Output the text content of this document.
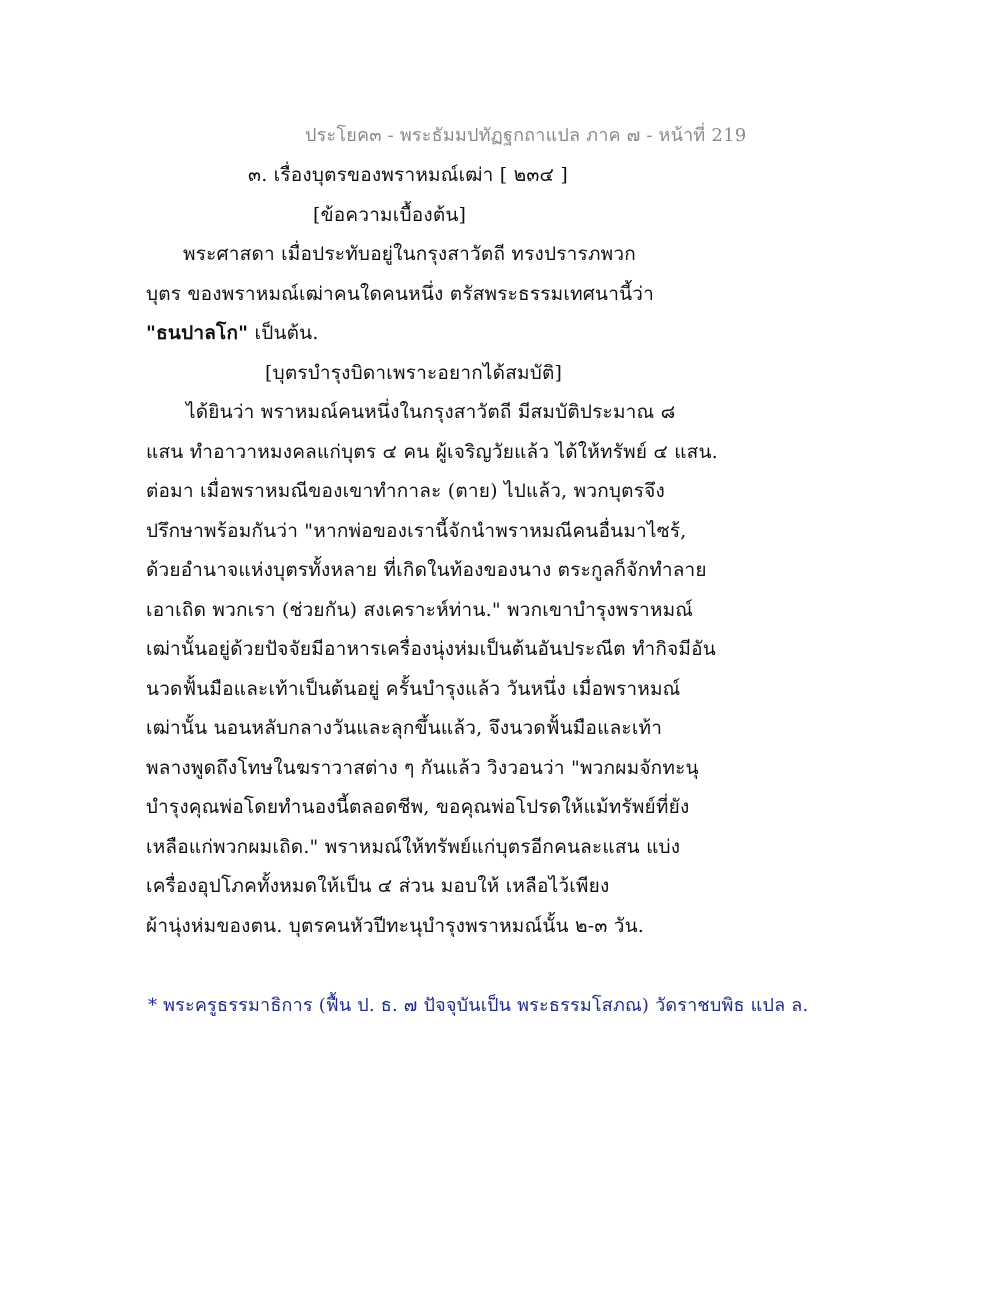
ประโยค๓ - พระธัมมปทัฏฐกถาแปล ภาค ๗ - หน้าที่ 219
๓. เรื่องบุตรของพราหมณ์เฒ่า [ ๒๓๔ ]
[ข้อความเบื้องต้น]
พระศาสดา เมื่อประทับอยู่ในกรุงสาวัตถี ทรงปรารภพวก
บุตร ของพราหมณ์เฒ่าคนใดคนหนึ่ง ตรัสพระธรรมเทศนานี้ว่า
"ธนปาลโก" เป็นต้น.
[บุตรบำรุงบิดาเพราะอยากได้สมบัติ]
ได้ยินว่า พราหมณ์คนหนึ่งในกรุงสาวัตถี มีสมบัติประมาณ ๘
แสน ทำอาวาหมงคลแก่บุตร ๔ คน ผู้เจริญวัยแล้ว ได้ให้ทรัพย์ ๔ แสน.
ต่อมา เมื่อพราหมณีของเขาทำกาละ (ตาย) ไปแล้ว, พวกบุตรจึง
ปรึกษาพร้อมกันว่า "หากพ่อของเรานี้จักนำพราหมณีคนอื่นมาไซร้,
ด้วยอำนาจแห่งบุตรทั้งหลาย ที่เกิดในท้องของนาง ตระกูลก็จักทำลาย
เอาเถิด พวกเรา (ช่วยกัน) สงเคราะห์ท่าน." พวกเขาบำรุงพราหมณ์
เฒ่านั้นอยู่ด้วยปัจจัยมีอาหารเครื่องนุ่งห่มเป็นต้นอันประณีต ทำกิจมีอัน
นวดฟั้นมือและเท้าเป็นต้นอยู่ ครั้นบำรุงแล้ว วันหนึ่ง เมื่อพราหมณ์
เฒ่านั้น นอนหลับกลางวันและลุกขึ้นแล้ว, จึงนวดฟั้นมือและเท้า
พลางพูดถึงโทษในฆราวาสต่าง ๆ กันแล้ว วิงวอนว่า "พวกผมจักทะนุ
บำรุงคุณพ่อโดยทำนองนี้ตลอดชีพ, ขอคุณพ่อโปรดให้แม้ทรัพย์ที่ยัง
เหลือแก่พวกผมเถิด." พราหมณ์ให้ทรัพย์แก่บุตรอีกคนละแสน แบ่ง
เครื่องอุปโภคทั้งหมดให้เป็น ๔ ส่วน มอบให้ เหลือไว้เพียง
ผ้านุ่งห่มของตน. บุตรคนหัวปีทะนุบำรุงพราหมณ์นั้น ๒-๓ วัน.
* พระครูธรรมาธิการ (ฟื้น ป. ธ. ๗ ปัจจุบันเป็น พระธรรมโสภณ) วัดราชบพิธ แปล ล.
